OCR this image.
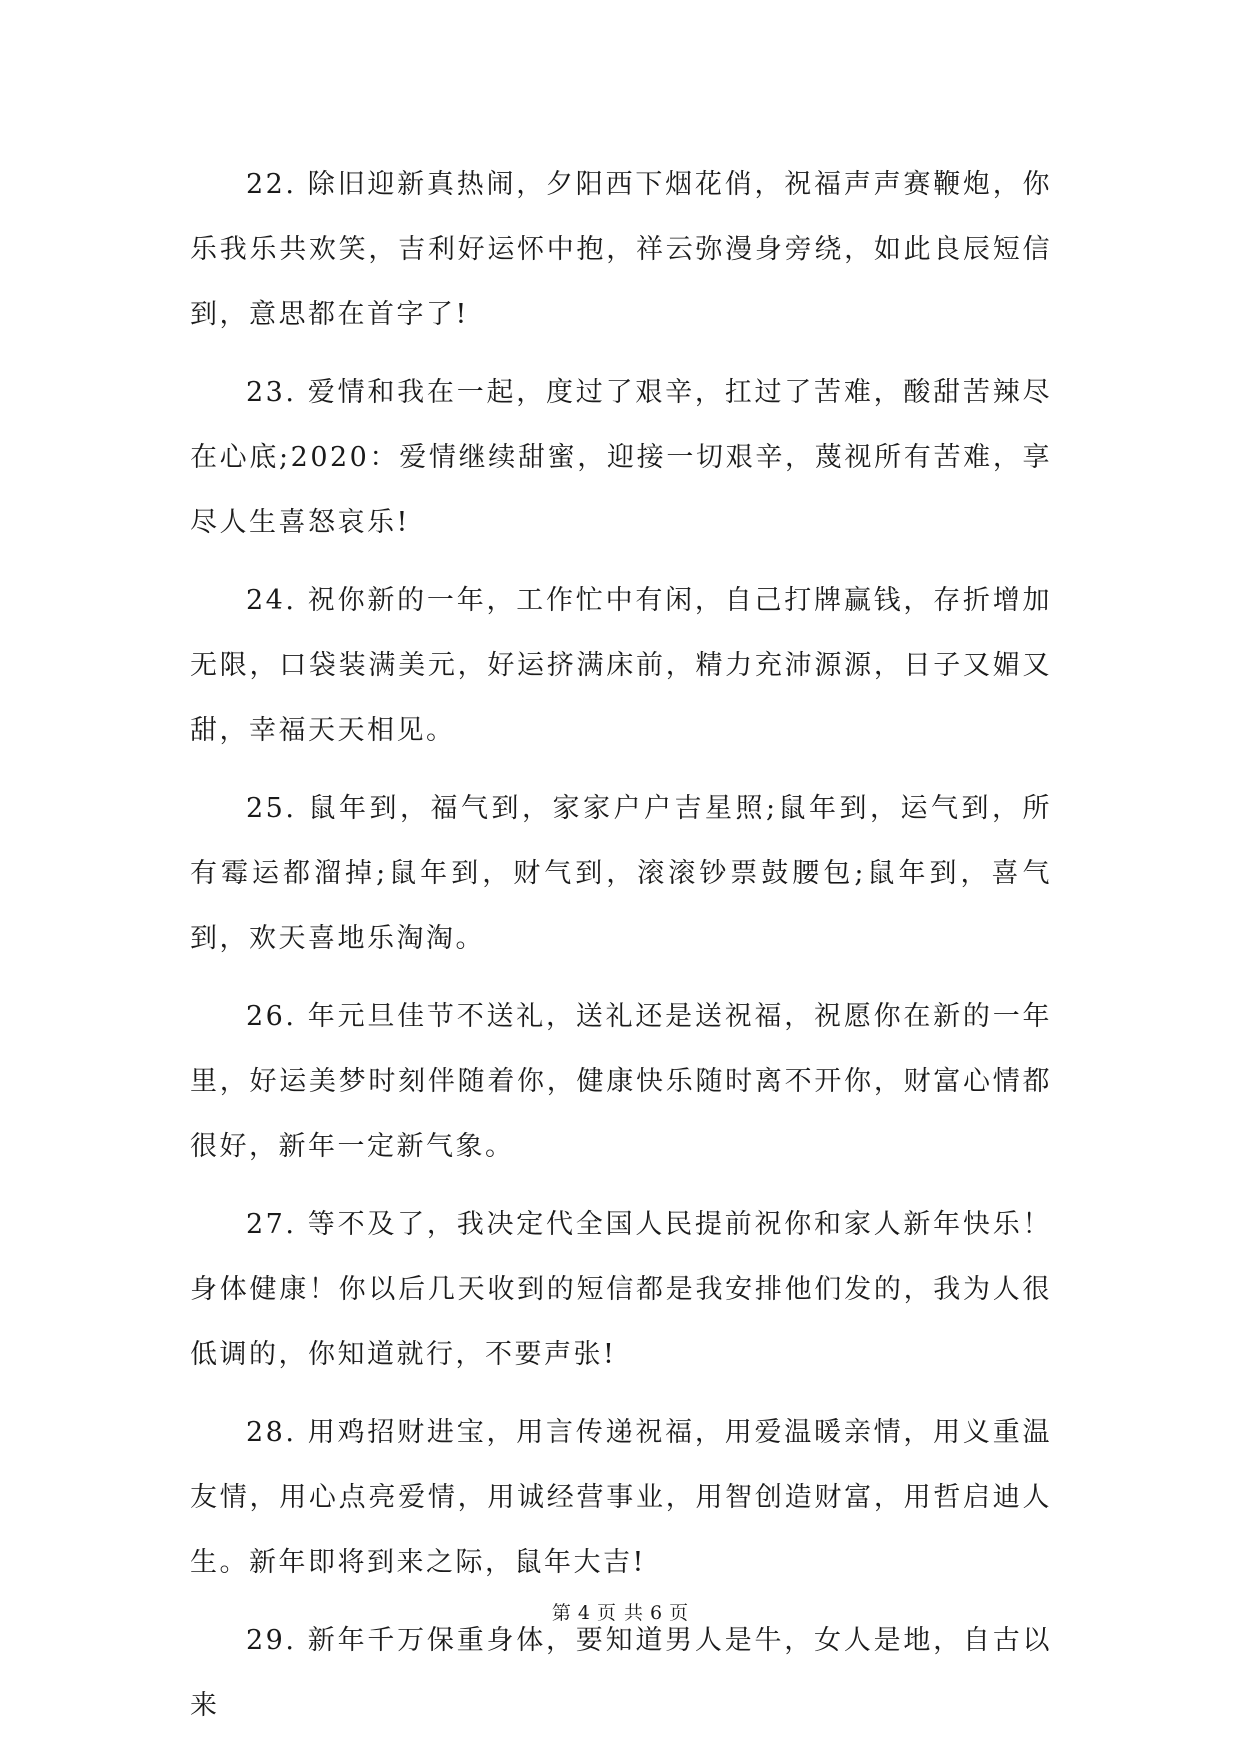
22. 除旧迎新真热闹，夕阳西下烟花俏，祝福声声赛鞭炮，你乐我乐共欢笑，吉利好运怀中抱，祥云弥漫身旁绕，如此良辰短信到，意思都在首字了!

23. 爱情和我在一起，度过了艰辛，扛过了苦难，酸甜苦辣尽在心底;2020：爱情继续甜蜜，迎接一切艰辛，蔑视所有苦难，享尽人生喜怒哀乐!

24. 祝你新的一年，工作忙中有闲，自己打牌赢钱，存折增加无限，口袋装满美元，好运挤满床前，精力充沛源源，日子又媚又甜，幸福天天相见。

25. 鼠年到，福气到，家家户户吉星照;鼠年到，运气到，所有霉运都溜掉;鼠年到，财气到，滚滚钞票鼓腰包;鼠年到，喜气到，欢天喜地乐淘淘。

26. 年元旦佳节不送礼，送礼还是送祝福，祝愿你在新的一年里，好运美梦时刻伴随着你，健康快乐随时离不开你，财富心情都很好，新年一定新气象。

27. 等不及了，我决定代全国人民提前祝你和家人新年快乐！身体健康！你以后几天收到的短信都是我安排他们发的，我为人很低调的，你知道就行，不要声张!

28. 用鸡招财进宝，用言传递祝福，用爱温暖亲情，用义重温友情，用心点亮爱情，用诚经营事业，用智创造财富，用哲启迪人生。新年即将到来之际，鼠年大吉!

29. 新年千万保重身体，要知道男人是牛，女人是地，自古以来

第 4 页 共 6 页
